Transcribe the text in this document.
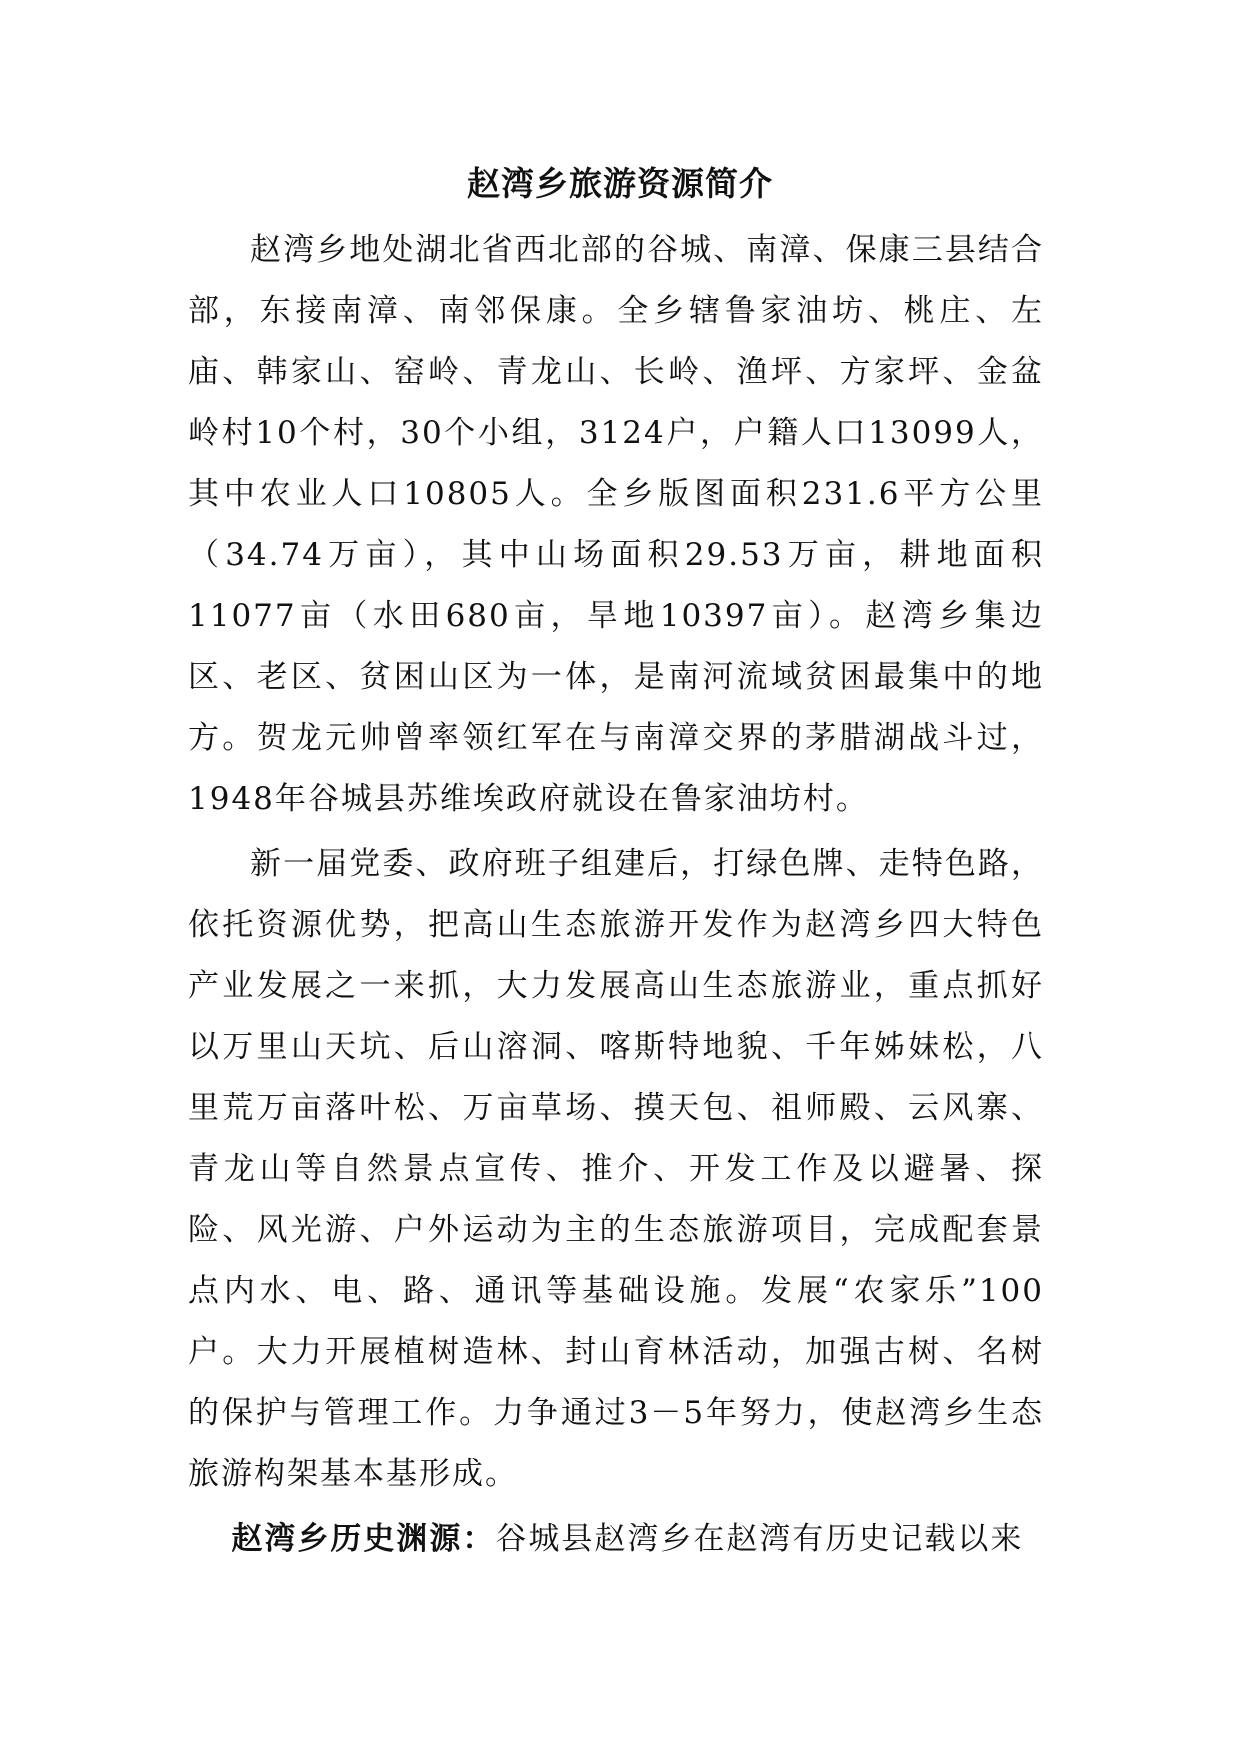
赵湾乡旅游资源简介

赵湾乡地处湖北省西北部的谷城、南漳、保康三县结合部，东接南漳、南邻保康。全乡辖鲁家油坊、桃庄、左庙、韩家山、窑岭、青龙山、长岭、渔坪、方家坪、金盆岭村10个村，30个小组，3124户，户籍人口13099人，其中农业人口10805人。全乡版图面积231.6平方公里（34.74万亩），其中山场面积29.53万亩，耕地面积11077亩（水田680亩，旱地10397亩）。赵湾乡集边区、老区、贫困山区为一体，是南河流域贫困最集中的地方。贺龙元帅曾率领红军在与南漳交界的茅腊湖战斗过，1948年谷城县苏维埃政府就设在鲁家油坊村。

新一届党委、政府班子组建后，打绿色牌、走特色路，依托资源优势，把高山生态旅游开发作为赵湾乡四大特色产业发展之一来抓，大力发展高山生态旅游业，重点抓好以万里山天坑、后山溶洞、喀斯特地貌、千年姊妹松，八里荒万亩落叶松、万亩草场、摸天包、祖师殿、云风寨、青龙山等自然景点宣传、推介、开发工作及以避暑、探险、风光游、户外运动为主的生态旅游项目，完成配套景点内水、电、路、通讯等基础设施。发展“农家乐”100户。大力开展植树造林、封山育林活动，加强古树、名树的保护与管理工作。力争通过3－5年努力，使赵湾乡生态旅游构架基本基形成。

赵湾乡历史渊源：谷城县赵湾乡在赵湾有历史记载以来
